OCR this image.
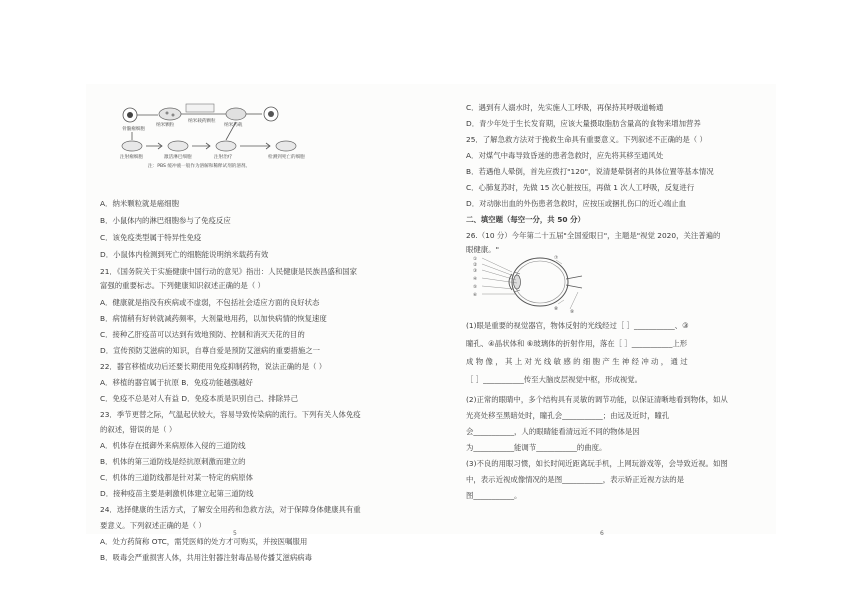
骨髓瘤细胞
纳米颗粒
纳米载药颗粒
纳米药载
注射瘤细胞	激活淋巴细胞	注射治疗	检测到死亡的细胞
注：PBS 缓冲液一般作为溶解和稀释试剂的溶剂。
A．纳米颗粒就是癌细胞
B．小鼠体内的淋巴细胞参与了免疫反应
C．该免疫类型属于特异性免疫
D．小鼠体内检测到死亡的细胞能说明纳米载药有效
21．《国务院关于实施健康中国行动的意见》指出：人民健康是民族昌盛和国家
富强的重要标志。下列健康知识叙述正确的是（ ）
A．健康就是指没有疾病或不虚弱，不包括社会适应方面的良好状态
B．病情稍有好转就减药频率，大剂量地用药，以加快病情的恢复速度
C．接种乙肝疫苗可以达到有效地预防、控制和消灭天花的目的
D．宣传预防艾滋病的知识，自尊自爱是预防艾滋病的重要措施之一
22．器官移植成功后还要长期使用免疫抑制药物，说法正确的是（ ）
A．移植的器官属于抗原 B．免疫功能越强越好
C．免疫不总是对人有益 D．免疫本质是识别自己、排除异己
23．季节更替之际，气温起伏较大，容易导致传染病的流行。下列有关人体免疫
的叙述，错误的是（ ）
A．机体存在抵御外来病原体入侵的三道防线
B．机体的第三道防线是经抗原刺激而建立的
C．机体的三道防线都是针对某一特定的病原体
D．接种疫苗主要是刺激机体建立起第三道防线
24．选择健康的生活方式，了解安全用药和急救方法，对于保障身体健康具有重
要意义。下列叙述正确的是（ ）
A．处方药简称 OTC，需凭医师的处方才可购买，并按医嘱服用
B．吸毒会严重损害人体，共用注射器注射毒品易传播艾滋病病毒
5
C．遇到有人溺水时，先实施人工呼吸，再保持其呼吸道畅通
D．青少年处于生长发育期，应该大量摄取脂肪含量高的食物来增加营养
25．了解急救方法对于挽救生命具有重要意义。下列叙述不正确的是（ ）
A．对煤气中毒导致昏迷的患者急救时，应先将其移至通风处
B．若遇他人晕倒，首先应拨打"120"，说清楚晕倒者的具体位置等基本情况
C．心肺复苏时，先做 15 次心脏按压，再做 1 次人工呼吸，反复进行
D．对动脉出血的外伤患者急救时，应按压或捆扎伤口的近心端止血
二、填空题（每空一分，共 50 分）
26.（10 分）今年第二十五届"全国爱眼日"，主题是"视觉 2020，关注普遍的
眼健康。"
①
②
③
④
⑤
⑥
⑦
⑧
⑨
(1)眼是重要的视觉器官，物体反射的光线经过［ ］___________、③
瞳孔、④晶状体和 ⑥玻璃体的折射作用，落在［ ］___________上形
成 物 像 ， 其 上 对 光 线 敏 感 的 细 胞 产 生 神 经 冲 动 ， 通 过
［ ］___________传至大脑皮层视觉中枢，形成视觉。
(2)正常的眼睛中，多个结构具有灵敏的调节功能，以保证清晰地看到物体，如从
光亮处移至黑暗处时，瞳孔会___________；由远及近时，瞳孔
会___________，人的眼睛能看清远近不同的物体是因
为___________能调节___________的曲度。
(3)不良的用眼习惯，如长时间近距离玩手机，上网玩游戏等，会导致近视。如图
中，表示近视成像情况的是图___________，表示矫正近视方法的是
图___________。
6
